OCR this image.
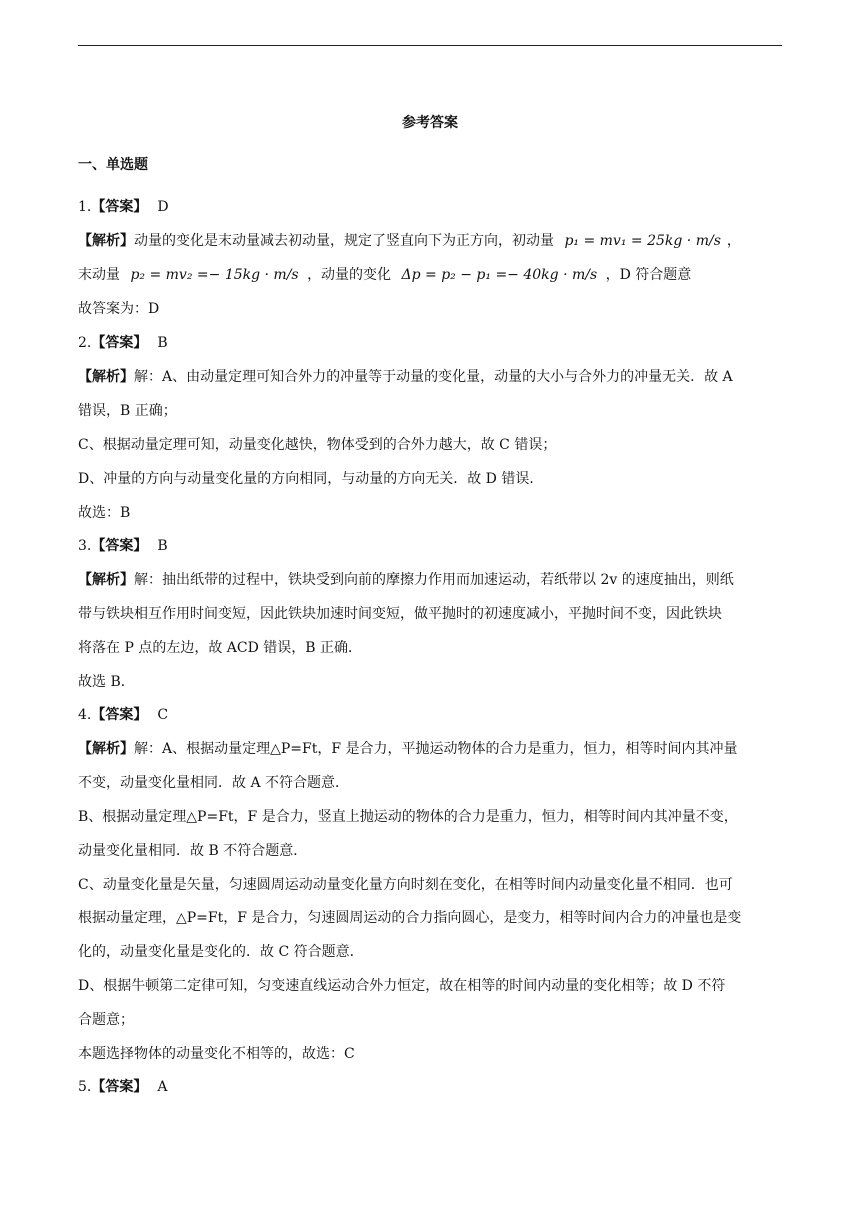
参考答案
一、单选题
1.【答案】 D
【解析】动量的变化是末动量减去初动量，规定了竖直向下为正方向，初动量 p₁ = mv₁ = 25kg · m/s ，
末动量 p₂ = mv₂ =− 15kg · m/s ，动量的变化 Δp = p₂ − p₁ =− 40kg · m/s ，D 符合题意
故答案为：D
2.【答案】 B
【解析】解：A、由动量定理可知合外力的冲量等于动量的变化量，动量的大小与合外力的冲量无关．故 A
错误，B 正确；
C、根据动量定理可知，动量变化越快，物体受到的合外力越大，故 C 错误；
D、冲量的方向与动量变化量的方向相同，与动量的方向无关．故 D 错误．
故选：B
3.【答案】 B
【解析】解：抽出纸带的过程中，铁块受到向前的摩擦力作用而加速运动，若纸带以 2v 的速度抽出，则纸
带与铁块相互作用时间变短，因此铁块加速时间变短，做平抛时的初速度减小，平抛时间不变，因此铁块
将落在 P 点的左边，故 ACD 错误，B 正确．
故选 B．
4.【答案】 C
【解析】解：A、根据动量定理△P=Ft，F 是合力，平抛运动物体的合力是重力，恒力，相等时间内其冲量
不变，动量变化量相同．故 A 不符合题意．
B、根据动量定理△P=Ft，F 是合力，竖直上抛运动的物体的合力是重力，恒力，相等时间内其冲量不变，
动量变化量相同．故 B 不符合题意．
C、动量变化量是矢量，匀速圆周运动动量变化量方向时刻在变化，在相等时间内动量变化量不相同．也可
根据动量定理，△P=Ft，F 是合力，匀速圆周运动的合力指向圆心，是变力，相等时间内合力的冲量也是变
化的，动量变化量是变化的．故 C 符合题意．
D、根据牛顿第二定律可知，匀变速直线运动合外力恒定，故在相等的时间内动量的变化相等；故 D 不符
合题意；
本题选择物体的动量变化不相等的，故选：C
5.【答案】 A
